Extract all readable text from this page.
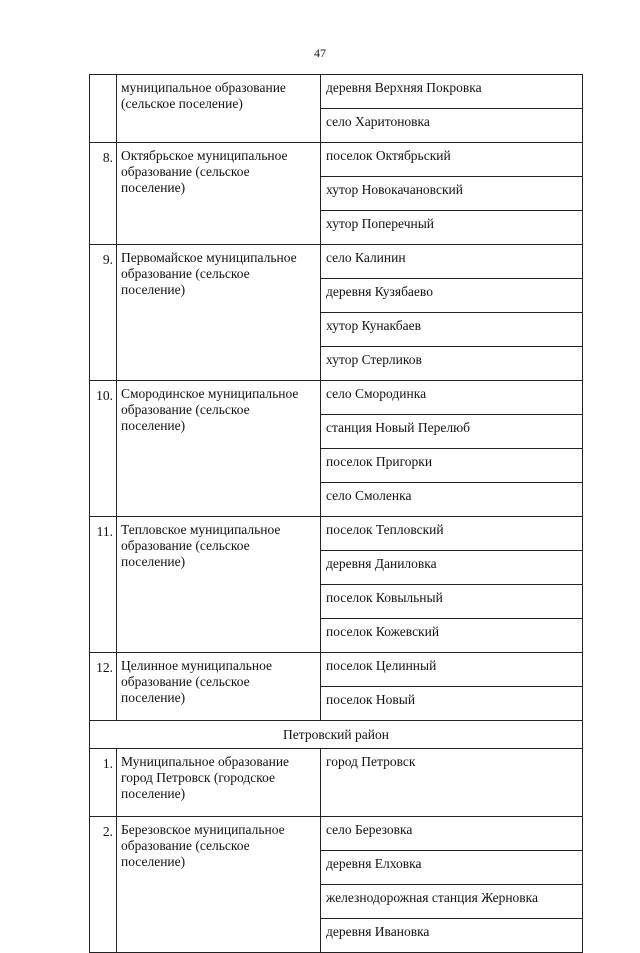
47
	муниципальное образование (сельское поселение)	деревня Верхняя Покровка
		село Харитоновка
8.	Октябрьское муниципальное образование (сельское поселение)	поселок Октябрьский
		хутор Новокачановский
		хутор Поперечный
9.	Первомайское муниципальное образование (сельское поселение)	село Калинин
		деревня Кузябаево
		хутор Кунакбаев
		хутор Стерликов
10.	Смородинское муниципальное образование (сельское поселение)	село Смородинка
		станция Новый Перелюб
		поселок Пригорки
		село Смоленка
11.	Тепловское муниципальное образование (сельское поселение)	поселок Тепловский
		деревня Даниловка
		поселок Ковыльный
		поселок Кожевский
12.	Целинное муниципальное образование (сельское поселение)	поселок Целинный
		поселок Новый
Петровский район		
1.	Муниципальное образование город Петровск (городское поселение)	город Петровск
2.	Березовское муниципальное образование (сельское поселение)	село Березовка
		деревня Елховка
		железнодорожная станция Жерновка
		деревня Ивановка
